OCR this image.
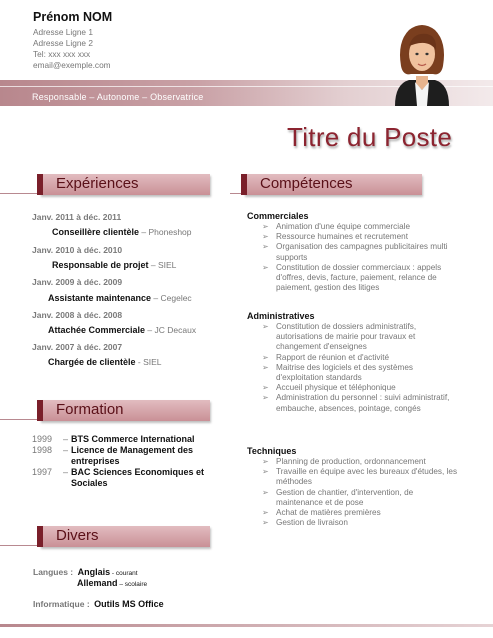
Prénom NOM
Adresse Ligne 1
Adresse Ligne 2
Tel: xxx xxx xxx
email@exemple.com
Responsable – Autonome – Observatrice
Titre du Poste
Expériences
Janv. 2011 à déc. 2011
Conseillère clientèle – Phoneshop
Janv. 2010 à déc. 2010
Responsable de projet – SIEL
Janv. 2009 à déc. 2009
Assistante maintenance – Cegelec
Janv. 2008 à déc. 2008
Attachée Commerciale – JC Decaux
Janv. 2007 à déc. 2007
Chargée de clientèle - SIEL
Formation
1999	– BTS Commerce International
1998	– Licence de Management des entreprises
1997	– BAC Sciences Economiques et Sociales
Divers
Langues : Anglais - courant
Allemand – scolaire
Informatique : Outils MS Office
Compétences
Commerciales
➢ Animation d'une équipe commerciale
➢ Ressource humaines et recrutement
➢ Organisation des campagnes publicitaires multi supports
➢ Constitution de dossier commerciaux : appels d'offres, devis, facture, paiement, relance de paiement, gestion des litiges
Administratives
➢ Constitution de dossiers administratifs, autorisations de mairie pour travaux et changement d'enseignes
➢ Rapport de réunion et d'activité
➢ Maitrise des logiciels et des systèmes d'exploitation standards
➢ Accueil physique et téléphonique
➢ Administration du personnel : suivi administratif, embauche, absences, pointage, congés
Techniques
➢ Planning de production, ordonnancement
➢ Travaille en équipe avec les bureaux d'études, les méthodes
➢ Gestion de chantier, d'intervention, de maintenance et de pose
➢ Achat de matières premières
➢ Gestion de livraison
